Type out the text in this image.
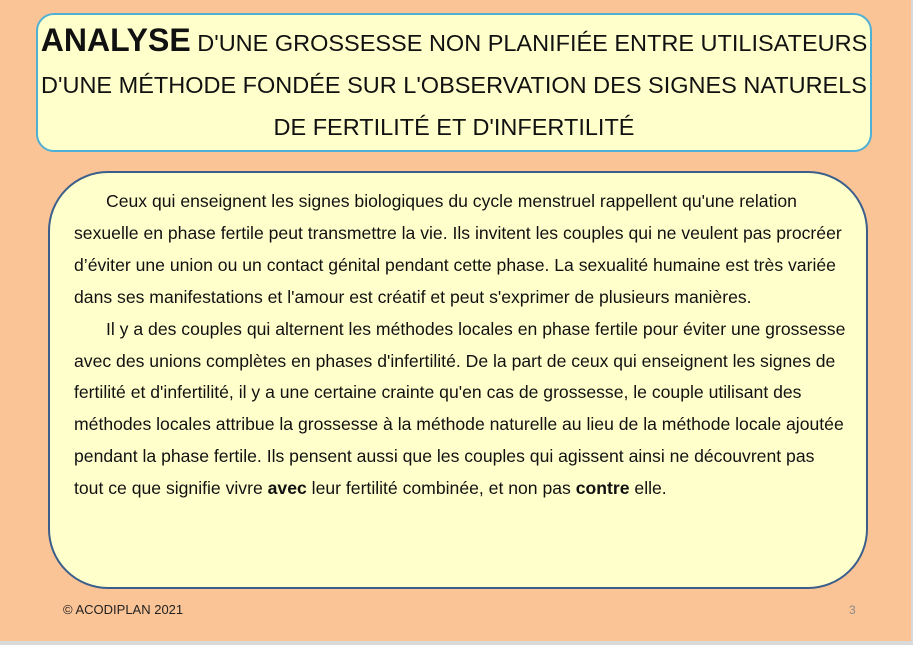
ANALYSE D'UNE GROSSESSE NON PLANIFIÉE ENTRE UTILISATEURS D'UNE MÉTHODE FONDÉE SUR L'OBSERVATION DES SIGNES NATURELS DE FERTILITÉ ET D'INFERTILITÉ

Ceux qui enseignent les signes biologiques du cycle menstruel rappellent qu'une relation sexuelle en phase fertile peut transmettre la vie. Ils invitent les couples qui ne veulent pas procréer d’éviter une union ou un contact génital pendant cette phase. La sexualité humaine est très variée dans ses manifestations et l'amour est créatif et peut s'exprimer de plusieurs manières.

Il y a des couples qui alternent les méthodes locales en phase fertile pour éviter une grossesse avec des unions complètes en phases d'infertilité. De la part de ceux qui enseignent les signes de fertilité et d'infertilité, il y a une certaine crainte qu'en cas de grossesse, le couple utilisant des méthodes locales attribue la grossesse à la méthode naturelle au lieu de la méthode locale ajoutée pendant la phase fertile. Ils pensent aussi que les couples qui agissent ainsi ne découvrent pas tout ce que signifie vivre avec leur fertilité combinée, et non pas contre elle.

© ACODIPLAN 2021	3
